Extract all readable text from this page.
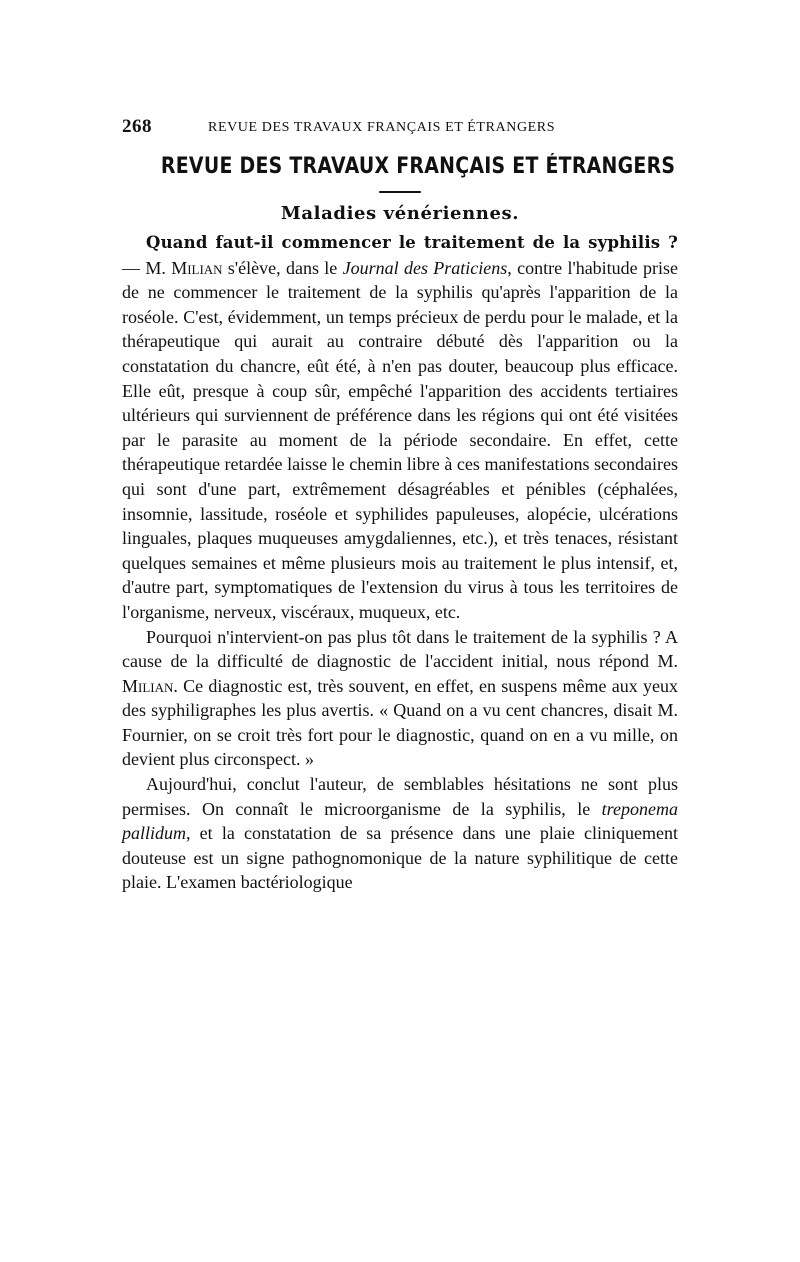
268	REVUE DES TRAVAUX FRANÇAIS ET ÉTRANGERS
REVUE DES TRAVAUX FRANÇAIS ET ÉTRANGERS
Maladies vénériennes.

Quand faut-il commencer le traitement de la syphilis ? — M. Milian s'élève, dans le Journal des Praticiens, contre l'habitude prise de ne commencer le traitement de la syphilis qu'après l'apparition de la roséole. C'est, évidemment, un temps précieux de perdu pour le malade, et la thérapeutique qui aurait au contraire débuté dès l'apparition ou la constatation du chancre, eût été, à n'en pas douter, beaucoup plus efficace. Elle eût, presque à coup sûr, empêché l'apparition des accidents tertiaires ultérieurs qui surviennent de préférence dans les régions qui ont été visitées par le parasite au moment de la période secondaire. En effet, cette thérapeutique retardée laisse le chemin libre à ces manifestations secondaires qui sont d'une part, extrêmement désagréables et pénibles (céphalées, insomnie, lassitude, roséole et syphilides papuleuses, alopécie, ulcérations linguales, plaques muqueuses amygdaliennes, etc.), et très tenaces, résistant quelques semaines et même plusieurs mois au traitement le plus intensif, et, d'autre part, symptomatiques de l'extension du virus à tous les territoires de l'organisme, nerveux, viscéraux, muqueux, etc.

Pourquoi n'intervient-on pas plus tôt dans le traitement de la syphilis ? A cause de la difficulté de diagnostic de l'accident initial, nous répond M. Milian. Ce diagnostic est, très souvent, en effet, en suspens même aux yeux des syphiligraphes les plus avertis. « Quand on a vu cent chancres, disait M. Fournier, on se croit très fort pour le diagnostic, quand on en a vu mille, on devient plus circonspect. »

Aujourd'hui, conclut l'auteur, de semblables hésitations ne sont plus permises. On connaît le microorganisme de la syphilis, le treponema pallidum, et la constatation de sa présence dans une plaie cliniquement douteuse est un signe pathognomonique de la nature syphilitique de cette plaie. L'examen bactériologique
